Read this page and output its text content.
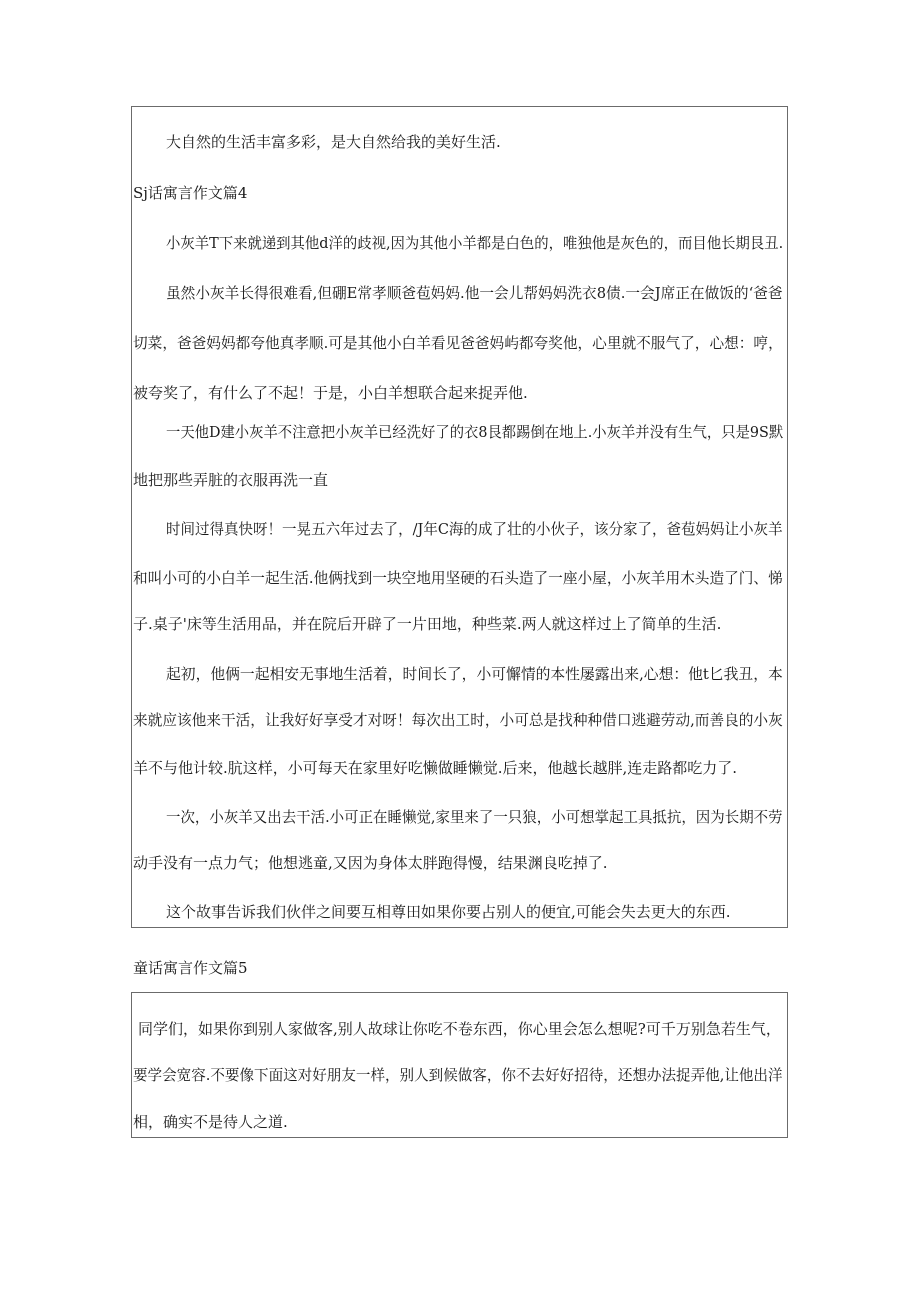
大自然的生活丰富多彩，是大自然给我的美好生活.
Sj话寓言作文篇4
小灰羊T下来就递到其他d洋的歧视,因为其他小羊都是白色的，唯独他是灰色的，而目他长期艮丑.
虽然小灰羊长得很难看,但硼E常孝顺爸苞妈妈.他一会儿帮妈妈洗衣8债.一会J席正在做饭的‘爸爸
切菜，爸爸妈妈都夸他真孝顺.可是其他小白羊看见爸爸妈屿都夸奖他，心里就不服气了，心想：哼，
被夸奖了，有什么了不起！于是，小白羊想联合起来捉弄他.
一天他D建小灰羊不注意把小灰羊已经洗好了的衣8艮都踢倒在地上.小灰羊并没有生气，只是9S默
地把那些弄脏的衣服再洗一直
时间过得真快呀！一晃五六年过去了，/J年C海的成了壮的小伙子，该分家了，爸苞妈妈让小灰羊
和叫小可的小白羊一起生活.他俩找到一块空地用坚硬的石头造了一座小屋，小灰羊用木头造了门、悌
子.桌子'床等生活用品，并在院后开辟了一片田地，种些菜.两人就这样过上了简单的生活.
起初，他俩一起相安无事地生活着，时间长了，小可懈情的本性屡露出来,心想：他t匕我丑，本
来就应该他来干活，让我好好享受才对呀！每次出工时，小可总是找种种借口逃避劳动,而善良的小灰
羊不与他计较.肮这样，小可每天在家里好吃懒做睡懒觉.后来，他越长越胖,连走路都吃力了.
一次，小灰羊又出去干活.小可正在睡懒觉,家里来了一只狼，小可想掌起工具抵抗，因为长期不劳
动手没有一点力气；他想逃童,又因为身体太胖跑得慢，结果渊良吃掉了.
这个故事告诉我们伙伴之间要互相尊田如果你要占别人的便宜,可能会失去更大的东西.
童话寓言作文篇5
同学们，如果你到别人家做客,别人故球让你吃不卷东西，你心里会怎么想呢?可千万别急若生气，
要学会宽容.不要像下面这对好朋友一样，别人到候做客，你不去好好招待，还想办法捉弄他,让他出洋
相，确实不是待人之道.
